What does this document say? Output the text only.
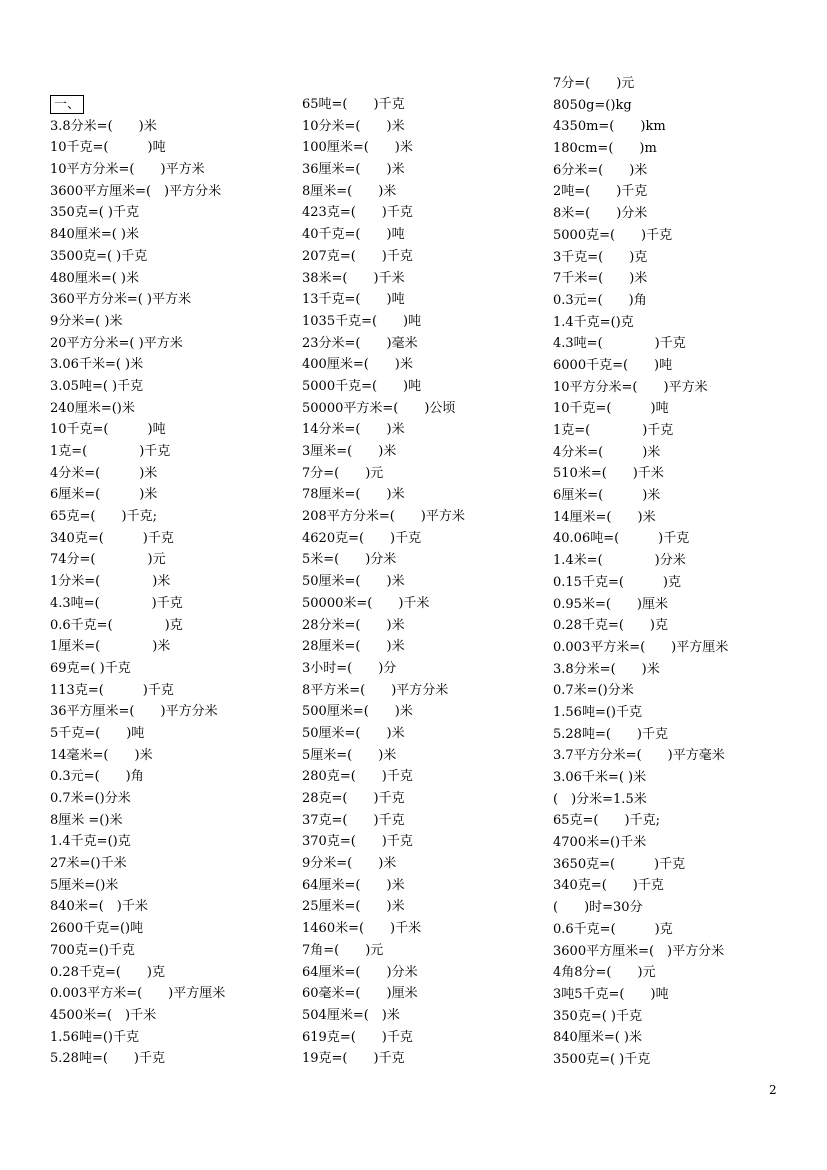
一、
3.8分米=(　　)米
10千克=(　　　)吨
10平方分米=(　　)平方米
3600平方厘米=(　)平方分米
350克=( )千克
840厘米=( )米
3500克=( )千克
480厘米=( )米
360平方分米=( )平方米
9分米=( )米
20平方分米=( )平方米
3.06千米=( )米
3.05吨=( )千克
240厘米=()米
10千克=(　　　)吨
1克=(　　　　)千克
4分米=(　　　)米
6厘米=(　　　)米
65克=(　　)千克;
340克=(　　　)千克
74分=(　　　　)元
1分米=(　　　　)米
4.3吨=(　　　　)千克
0.6千克=(　　　　)克
1厘米=(　　　　)米
69克=( )千克
113克=(　　　)千克
36平方厘米=(　　)平方分米
5千克=(　　)吨
14毫米=(　　)米
0.3元=(　　)角
0.7米=()分米
8厘米 =()米
1.4千克=()克
27米=()千米
5厘米=()米
840米=(　)千米
2600千克=()吨
700克=()千克
0.28千克=(　　)克
0.003平方米=(　　)平方厘米
4500米=(　)千米
1.56吨=()千克
5.28吨=(　　)千克
65吨=(　　)千克
10分米=(　　)米
100厘米=(　　)米
36厘米=(　　)米
8厘米=(　　)米
423克=(　　)千克
40千克=(　　)吨
207克=(　　)千克
38米=(　　)千米
13千克=(　　)吨
1035千克=(　　)吨
23分米=(　　)毫米
400厘米=(　　)米
5000千克=(　　)吨
50000平方米=(　　)公顷
14分米=(　　)米
3厘米=(　　)米
7分=(　　)元
78厘米=(　　)米
208平方分米=(　　)平方米
4620克=(　　)千克
5米=(　　)分米
50厘米=(　　)米
50000米=(　　)千米
28分米=(　　)米
28厘米=(　　)米
3小时=(　　)分
8平方米=(　　)平方分米
500厘米=(　　)米
50厘米=(　　)米
5厘米=(　　)米
280克=(　　)千克
28克=(　　)千克
37克=(　　)千克
370克=(　　)千克
9分米=(　　)米
64厘米=(　　)米
25厘米=(　　)米
1460米=(　　)千米
7角=(　　)元
64厘米=(　　)分米
60毫米=(　　)厘米
504厘米=(　)米
619克=(　　)千克
19克=(　　)千克
7分=(　　)元
8050g=()kg
4350m=(　　)km
180cm=(　　)m
6分米=(　　)米
2吨=(　　)千克
8米=(　　)分米
5000克=(　　)千克
3千克=(　　)克
7千米=(　　)米
0.3元=(　　)角
1.4千克=()克
4.3吨=(　　　　)千克
6000千克=(　　)吨
10平方分米=(　　)平方米
10千克=(　　　)吨
1克=(　　　　)千克
4分米=(　　　)米
510米=(　　)千米
6厘米=(　　　)米
14厘米=(　　)米
40.06吨=(　　　)千克
1.4米=(　　　　)分米
0.15千克=(　　　)克
0.95米=(　　)厘米
0.28千克=(　　)克
0.003平方米=(　　)平方厘米
3.8分米=(　　)米
0.7米=()分米
1.56吨=()千克
5.28吨=(　　)千克
3.7平方分米=(　　)平方毫米
3.06千米=( )米
(　)分米=1.5米
65克=(　　)千克;
4700米=()千米
3650克=(　　　)千克
340克=(　　)千克
(　　)时=30分
0.6千克=(　　　)克
3600平方厘米=(　)平方分米
4角8分=(　　)元
3吨5千克=(　　)吨
350克=( )千克
840厘米=( )米
3500克=( )千克
2
